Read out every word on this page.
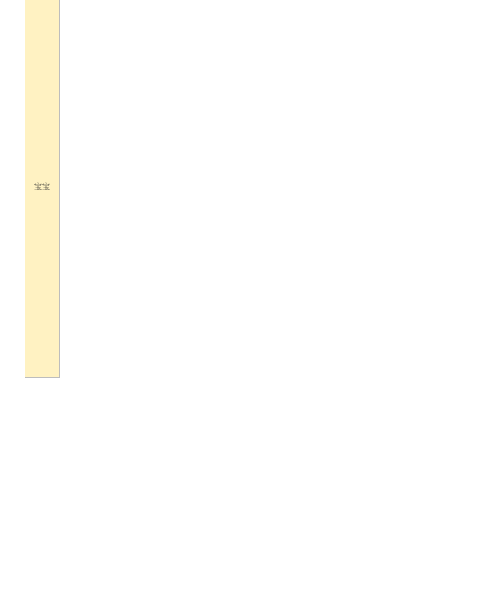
宝宝
